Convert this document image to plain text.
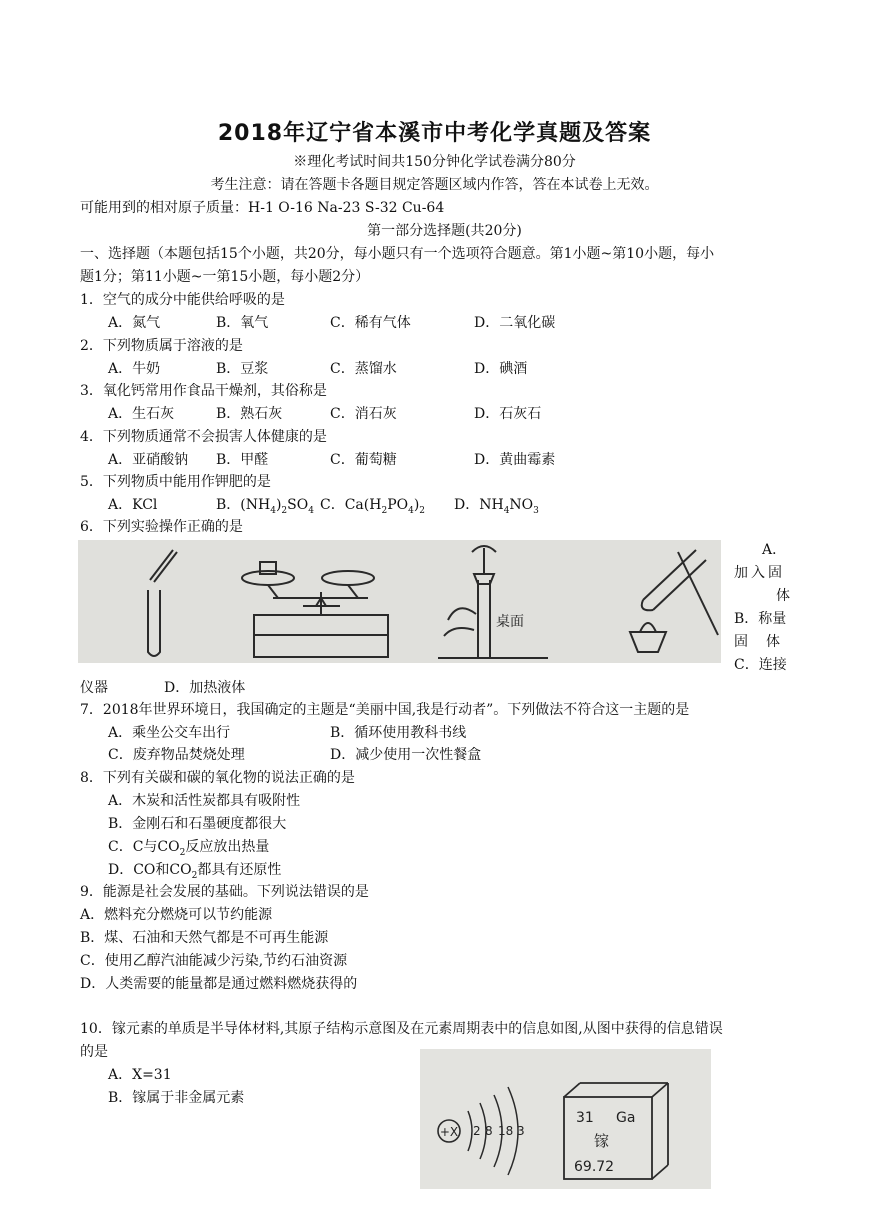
2018年辽宁省本溪市中考化学真题及答案
※理化考试时间共150分钟化学试卷满分80分
考生注意：请在答题卡各题目规定答题区域内作答，答在本试卷上无效。
可能用到的相对原子质量：H-1 O-16 Na-23 S-32 Cu-64
第一部分选择题(共20分)
一、选择题（本题包括15个小题，共20分，每小题只有一个选项符合题意。第1小题~第10小题，每小
题1分；第11小题~一第15小题，每小题2分）
1．空气的成分中能供给呼吸的是
A．氮气	B．氧气	C．稀有气体	D．二氧化碳
2．下列物质属于溶液的是
A．牛奶	B．豆浆	C．蒸馏水	D．碘酒
3．氧化钙常用作食品干燥剂，其俗称是
A．生石灰	B．熟石灰	C．消石灰	D．石灰石
4．下列物质通常不会损害人体健康的是
A．亚硝酸钠 B．甲醛	C．葡萄糖	D．黄曲霉素
5．下列物质中能用作钾肥的是
A．KCl	B．$(NH_4)_2SO_4$ C．$Ca(H_2PO_4)_2$ D．$NH_4NO_3$
6．下列实验操作正确的是
桌面
A．
加入固
体
B．称量
固　体
C．连接
仪器　　　　D．加热液体
7．2018年世界环境日，我国确定的主题是“美丽中国,我是行动者”。下列做法不符合这一主题的是
A．乘坐公交车出行	B．循环使用教科书线
C．废弃物品焚烧处理	D．减少使用一次性餐盒
8．下列有关碳和碳的氧化物的说法正确的是
A．木炭和活性炭都具有吸附性
B．金刚石和石墨硬度都很大
C．C与$CO_2$反应放出热量
D．CO和$CO_2$都具有还原性
9．能源是社会发展的基础。下列说法错误的是
A．燃料充分燃烧可以节约能源
B．煤、石油和天然气都是不可再生能源
C．使用乙醇汽油能减少污染,节约石油资源
D．人类需要的能量都是通过燃料燃烧获得的
10．镓元素的单质是半导体材料,其原子结构示意图及在元素周期表中的信息如图,从图中获得的信息错误
的是
A．X=31
B．镓属于非金属元素
+X 2 8 18 3
31 Ga
镓
69.72
